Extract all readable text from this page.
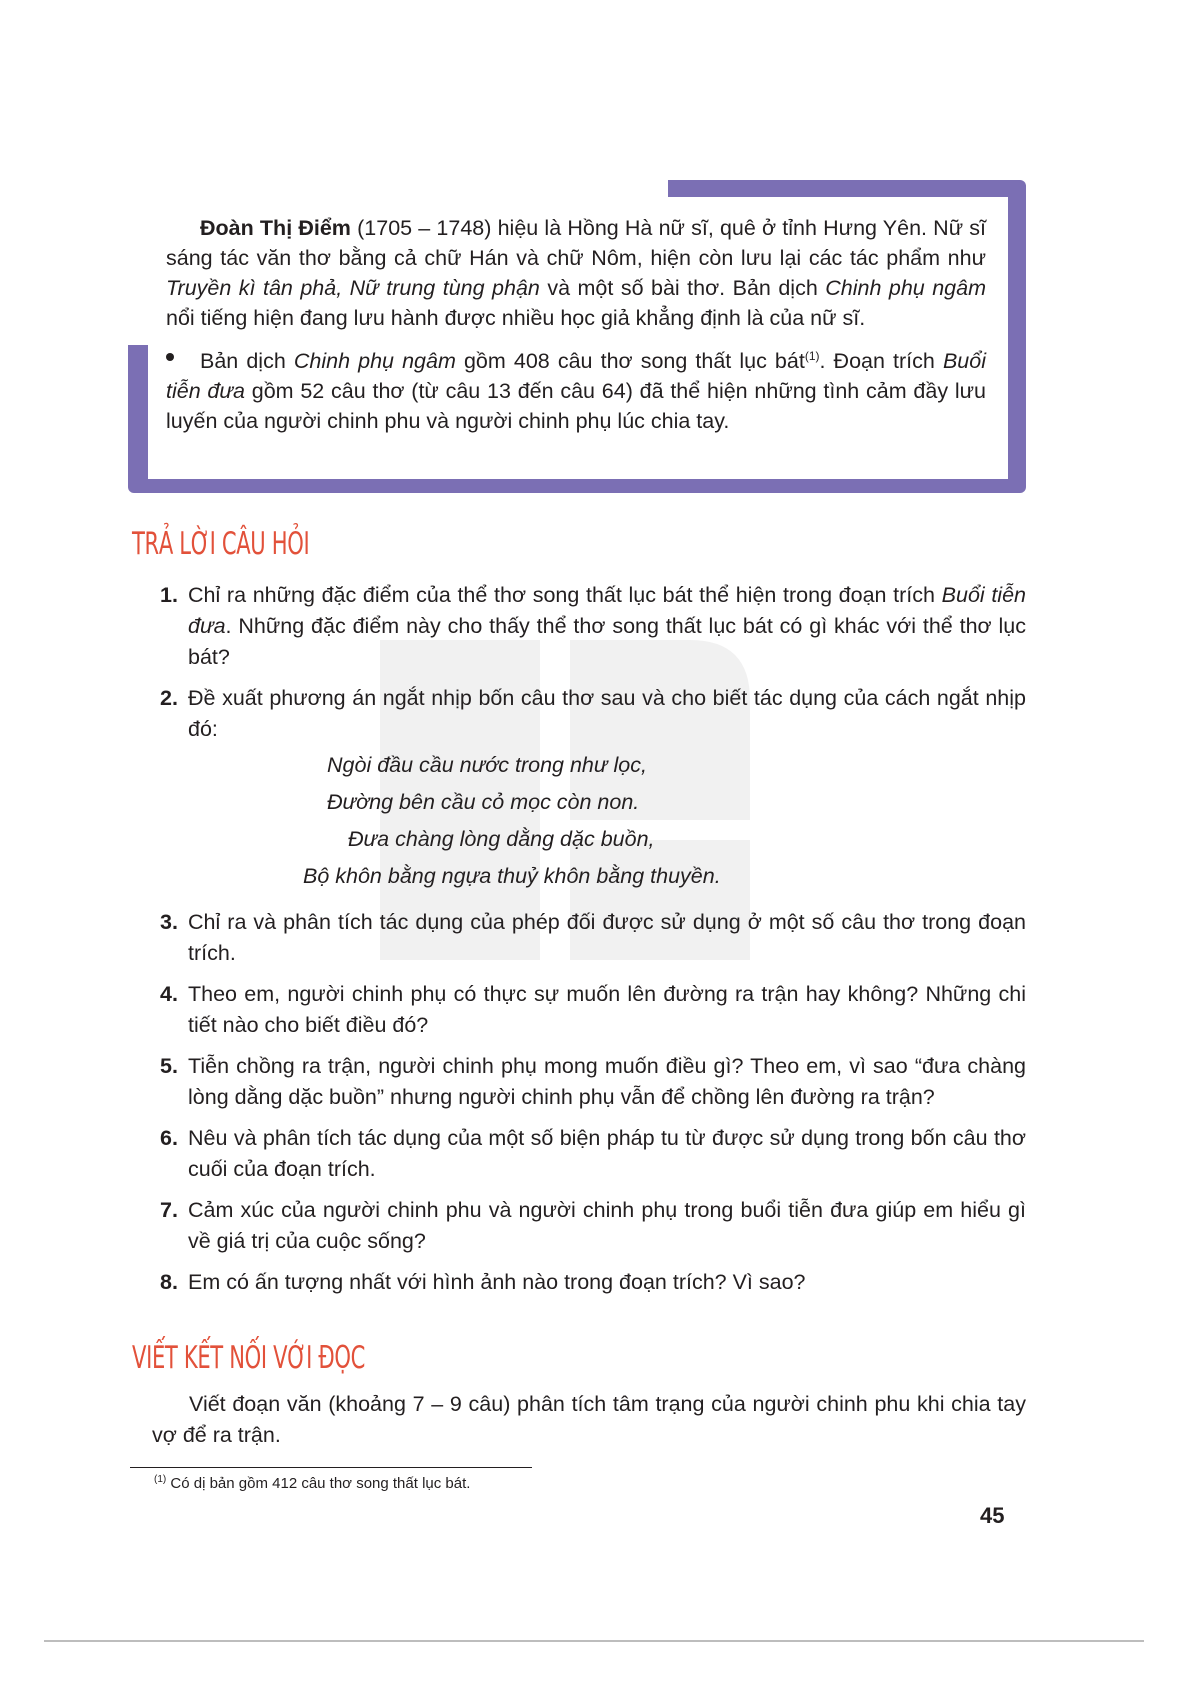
Đoàn Thị Điểm (1705 – 1748) hiệu là Hồng Hà nữ sĩ, quê ở tỉnh Hưng Yên. Nữ sĩ sáng tác văn thơ bằng cả chữ Hán và chữ Nôm, hiện còn lưu lại các tác phẩm như Truyền kì tân phả, Nữ trung tùng phận và một số bài thơ. Bản dịch Chinh phụ ngâm nổi tiếng hiện đang lưu hành được nhiều học giả khẳng định là của nữ sĩ.

Bản dịch Chinh phụ ngâm gồm 408 câu thơ song thất lục bát$^{(1)}$. Đoạn trích Buổi tiễn đưa gồm 52 câu thơ (từ câu 13 đến câu 64) đã thể hiện những tình cảm đầy lưu luyến của người chinh phu và người chinh phụ lúc chia tay.

TRẢ LỜI CÂU HỎI
1. Chỉ ra những đặc điểm của thể thơ song thất lục bát thể hiện trong đoạn trích Buổi tiễn đưa. Những đặc điểm này cho thấy thể thơ song thất lục bát có gì khác với thể thơ lục bát?
2. Đề xuất phương án ngắt nhịp bốn câu thơ sau và cho biết tác dụng của cách ngắt nhịp đó:
Ngòi đầu cầu nước trong như lọc,
Đường bên cầu cỏ mọc còn non.
Đưa chàng lòng dằng dặc buồn,
Bộ khôn bằng ngựa thuỷ khôn bằng thuyền.
3. Chỉ ra và phân tích tác dụng của phép đối được sử dụng ở một số câu thơ trong đoạn trích.
4. Theo em, người chinh phụ có thực sự muốn lên đường ra trận hay không? Những chi tiết nào cho biết điều đó?
5. Tiễn chồng ra trận, người chinh phụ mong muốn điều gì? Theo em, vì sao “đưa chàng lòng dằng dặc buồn” nhưng người chinh phụ vẫn để chồng lên đường ra trận?
6. Nêu và phân tích tác dụng của một số biện pháp tu từ được sử dụng trong bốn câu thơ cuối của đoạn trích.
7. Cảm xúc của người chinh phu và người chinh phụ trong buổi tiễn đưa giúp em hiểu gì về giá trị của cuộc sống?
8. Em có ấn tượng nhất với hình ảnh nào trong đoạn trích? Vì sao?
VIẾT KẾT NỐI VỚI ĐỌC

Viết đoạn văn (khoảng 7 – 9 câu) phân tích tâm trạng của người chinh phu khi chia tay vợ để ra trận.

$^{(1)}$ Có dị bản gồm 412 câu thơ song thất lục bát.

45
